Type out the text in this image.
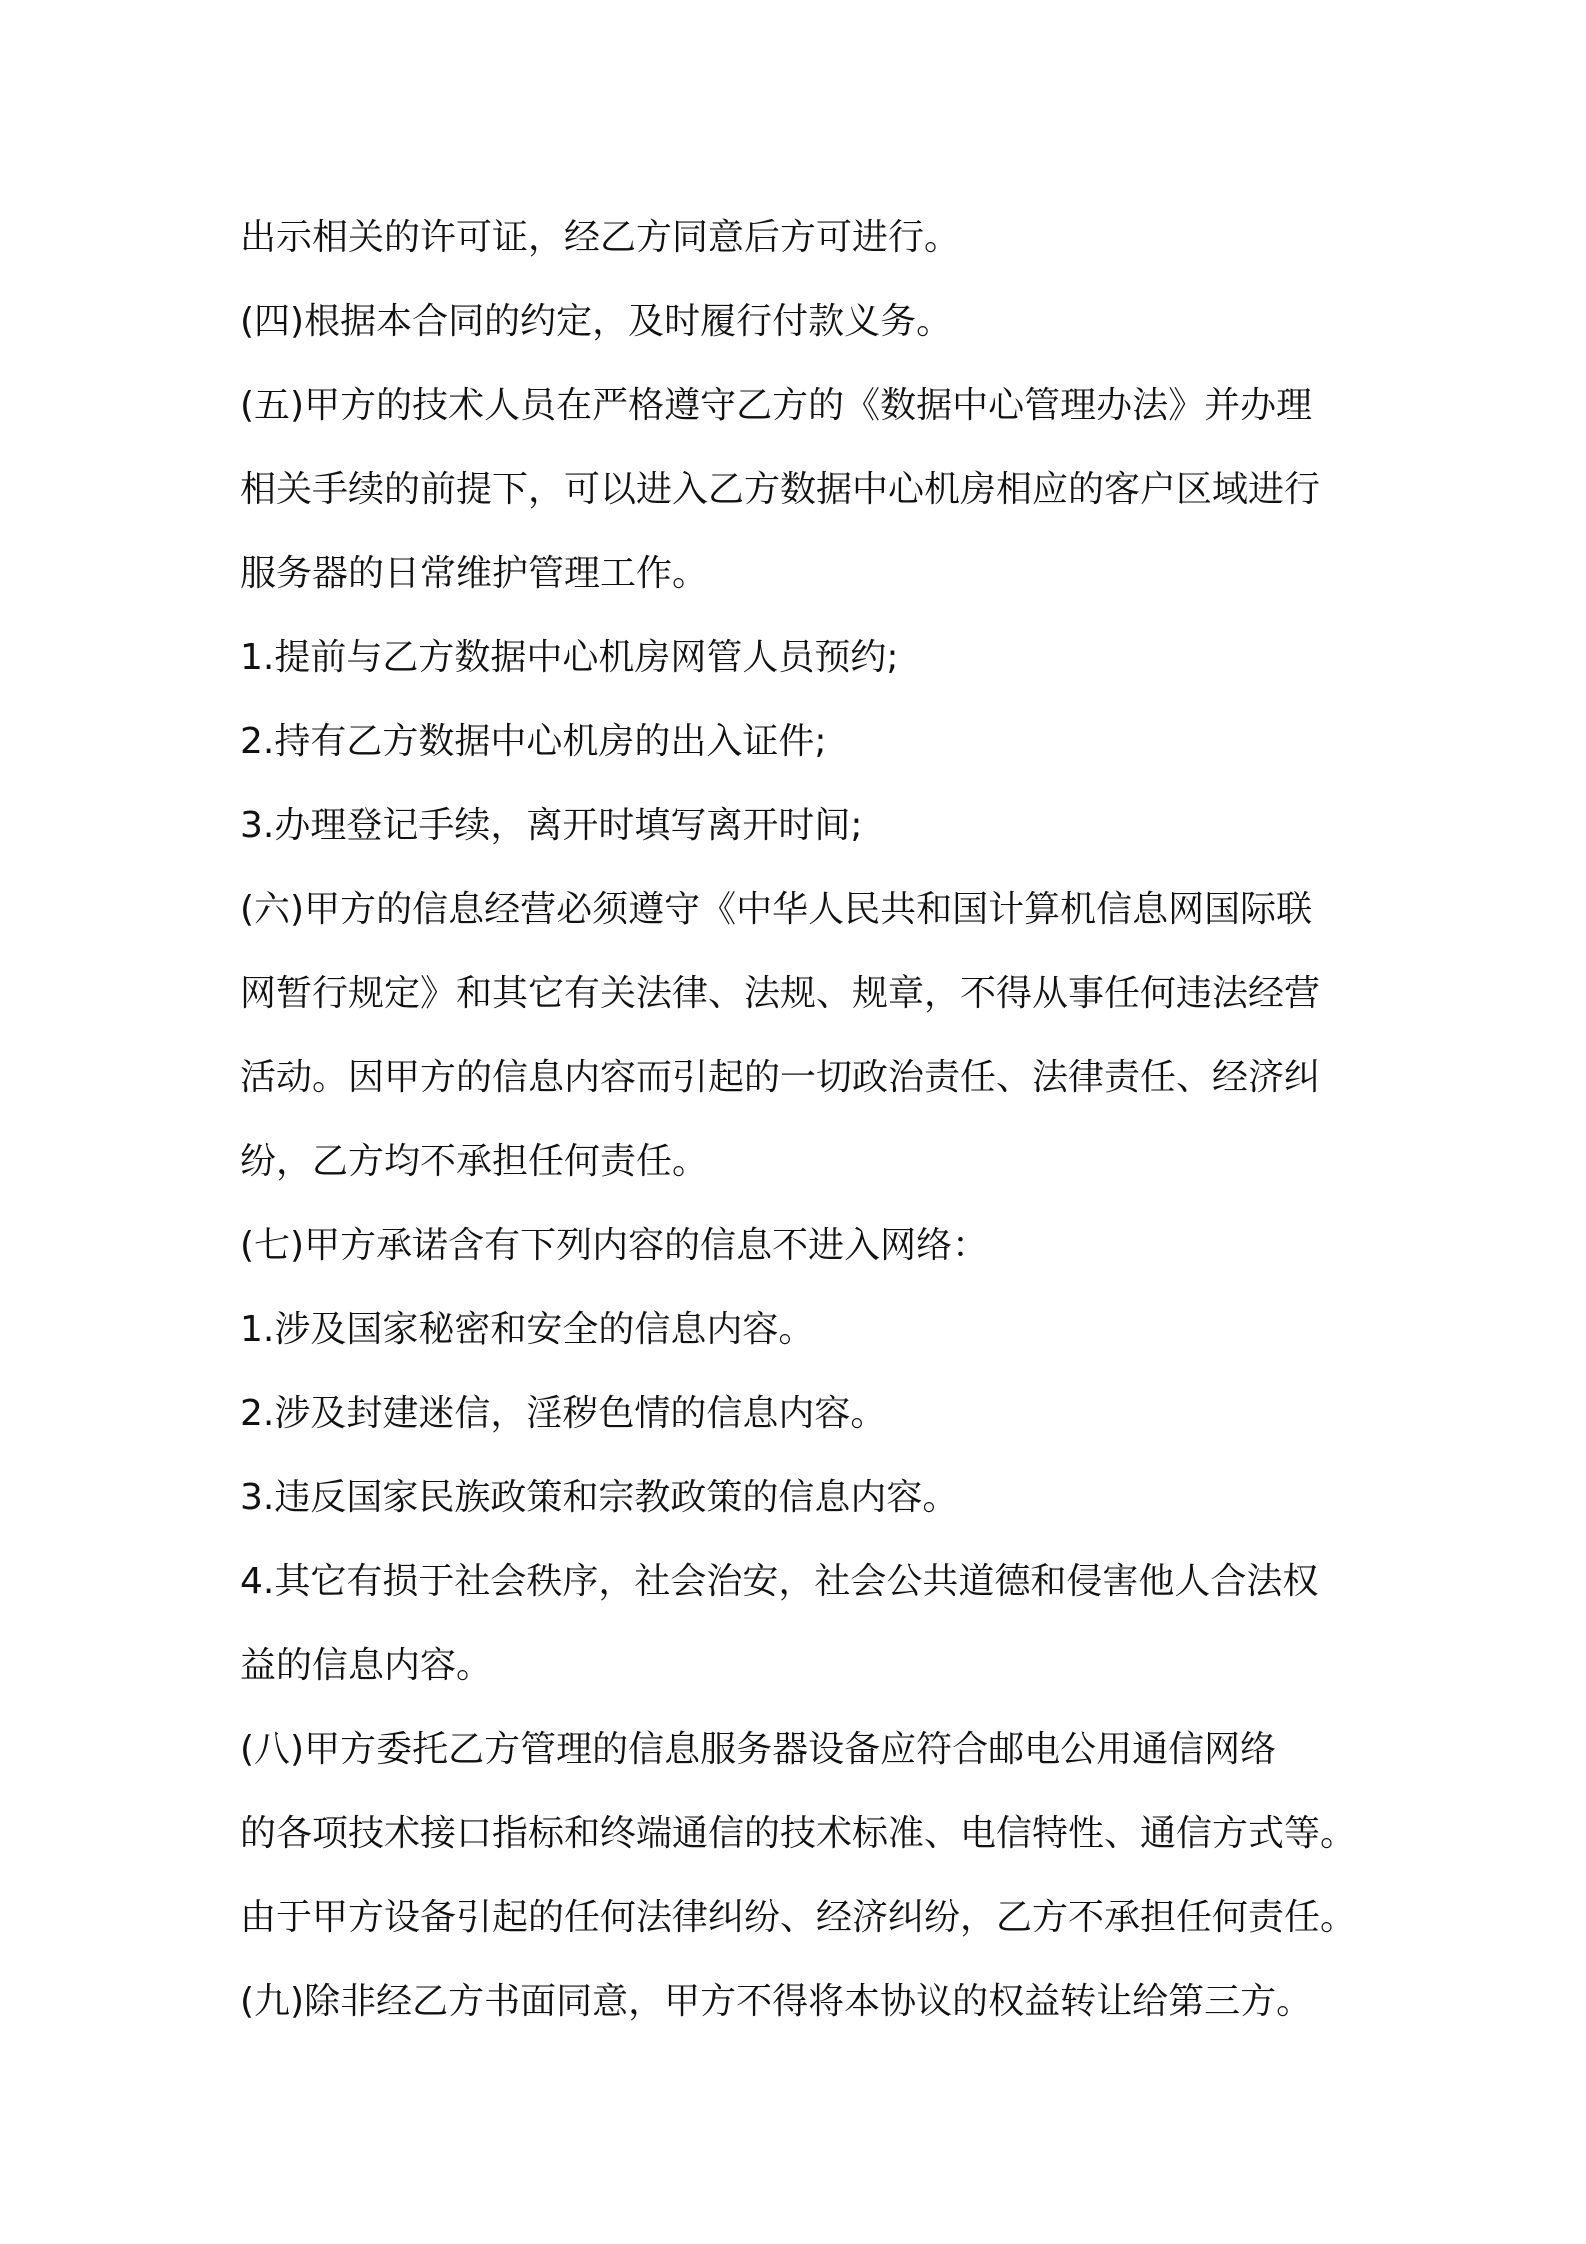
出示相关的许可证，经乙方同意后方可进行。
(四)根据本合同的约定，及时履行付款义务。
(五)甲方的技术人员在严格遵守乙方的《数据中心管理办法》并办理
相关手续的前提下，可以进入乙方数据中心机房相应的客户区域进行
服务器的日常维护管理工作。
1.提前与乙方数据中心机房网管人员预约;
2.持有乙方数据中心机房的出入证件;
3.办理登记手续，离开时填写离开时间;
(六)甲方的信息经营必须遵守《中华人民共和国计算机信息网国际联
网暂行规定》和其它有关法律、法规、规章，不得从事任何违法经营
活动。因甲方的信息内容而引起的一切政治责任、法律责任、经济纠
纷，乙方均不承担任何责任。
(七)甲方承诺含有下列内容的信息不进入网络：
1.涉及国家秘密和安全的信息内容。
2.涉及封建迷信，淫秽色情的信息内容。
3.违反国家民族政策和宗教政策的信息内容。
4.其它有损于社会秩序，社会治安，社会公共道德和侵害他人合法权
益的信息内容。
(八)甲方委托乙方管理的信息服务器设备应符合邮电公用通信网络
的各项技术接口指标和终端通信的技术标准、电信特性、通信方式等。
由于甲方设备引起的任何法律纠纷、经济纠纷，乙方不承担任何责任。
(九)除非经乙方书面同意，甲方不得将本协议的权益转让给第三方。
